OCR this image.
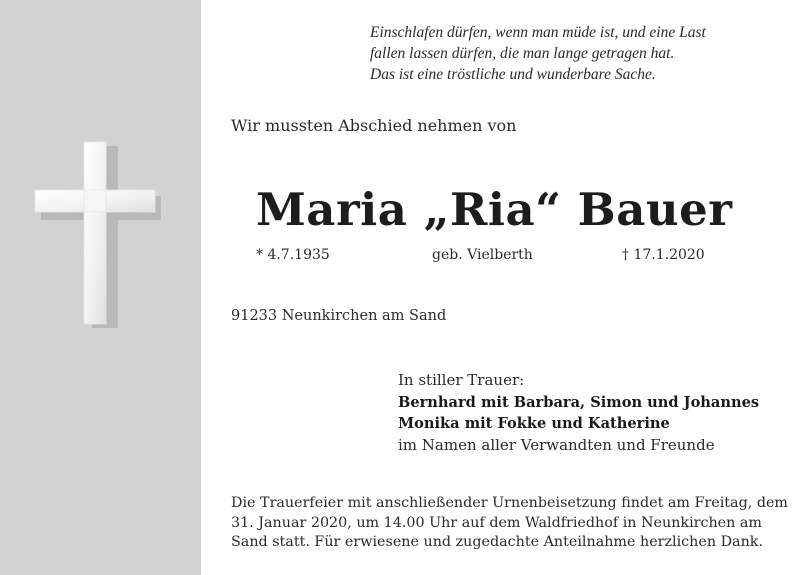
Einschlafen dürfen, wenn man müde ist, und eine Last
fallen lassen dürfen, die man lange getragen hat.
Das ist eine tröstliche und wunderbare Sache.
Wir mussten Abschied nehmen von
Maria „Ria“ Bauer
* 4.7.1935	geb. Vielberth	† 17.1.2020
91233 Neunkirchen am Sand
In stiller Trauer:
Bernhard mit Barbara, Simon und Johannes
Monika mit Fokke und Katherine
im Namen aller Verwandten und Freunde
Die Trauerfeier mit anschließender Urnenbeisetzung findet am Freitag, dem
31. Januar 2020, um 14.00 Uhr auf dem Waldfriedhof in Neunkirchen am
Sand statt. Für erwiesene und zugedachte Anteilnahme herzlichen Dank.
